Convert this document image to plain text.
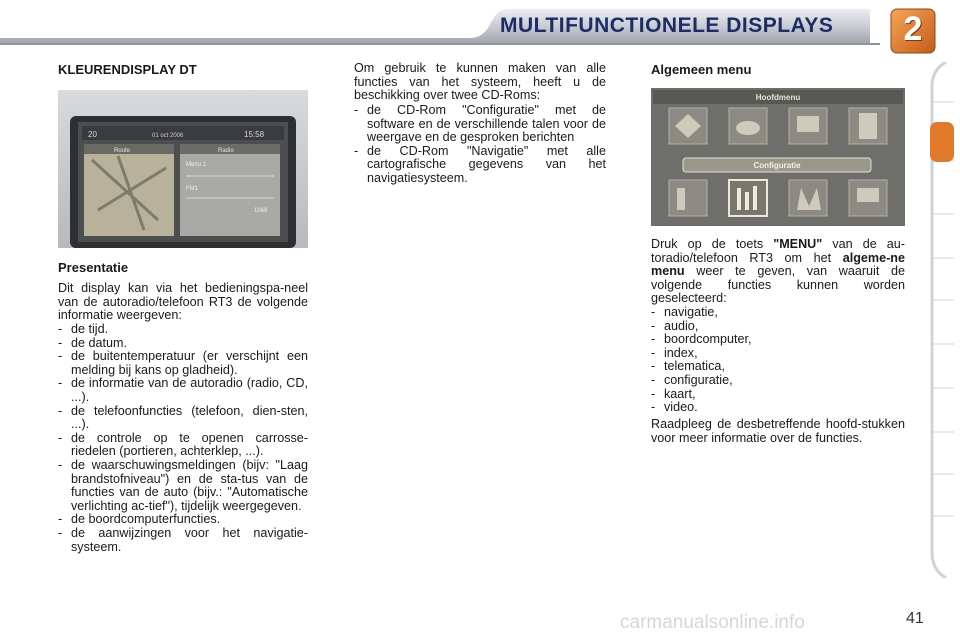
MULTIFUNCTIONELE DISPLAYS	2
KLEURENDISPLAY DT
20	01 oct 2006	15:58
Route	Radio
Menu 1
FM1
1068
Presentatie
Dit display kan via het bedieningspa-neel van de autoradio/telefoon RT3 de volgende informatie weergeven:
- de tijd.
- de datum.
- de buitentemperatuur (er verschijnt een melding bij kans op gladheid).
- de informatie van de autoradio (radio, CD, ...).
- de telefoonfuncties (telefoon, dien-sten, ...).
- de controle op te openen carrosse-riedelen (portieren, achterklep, ...).
- de waarschuwingsmeldingen (bijv: "Laag brandstofniveau") en de sta-tus van de functies van de auto (bijv.: "Automatische verlichting ac-tief"), tijdelijk weergegeven.
- de boordcomputerfuncties.
- de aanwijzingen voor het navigatie-systeem.
Om gebruik te kunnen maken van alle functies van het systeem, heeft u de beschikking over twee CD-Roms:
- de CD-Rom "Configuratie" met de software en de verschillende talen voor de weergave en de gesproken berichten
- de CD-Rom "Navigatie" met alle cartografische gegevens van het navigatiesysteem.
Algemeen menu
Hoofdmenu
Configuratie
Druk op de toets "MENU" van de au-toradio/telefoon RT3 om het algeme-ne menu weer te geven, van waaruit de volgende functies kunnen worden geselecteerd:
- navigatie,
- audio,
- boordcomputer,
- index,
- telematica,
- configuratie,
- kaart,
- video.
Raadpleeg de desbetreffende hoofd-stukken voor meer informatie over de functies.
carmanualsonline.info	41
